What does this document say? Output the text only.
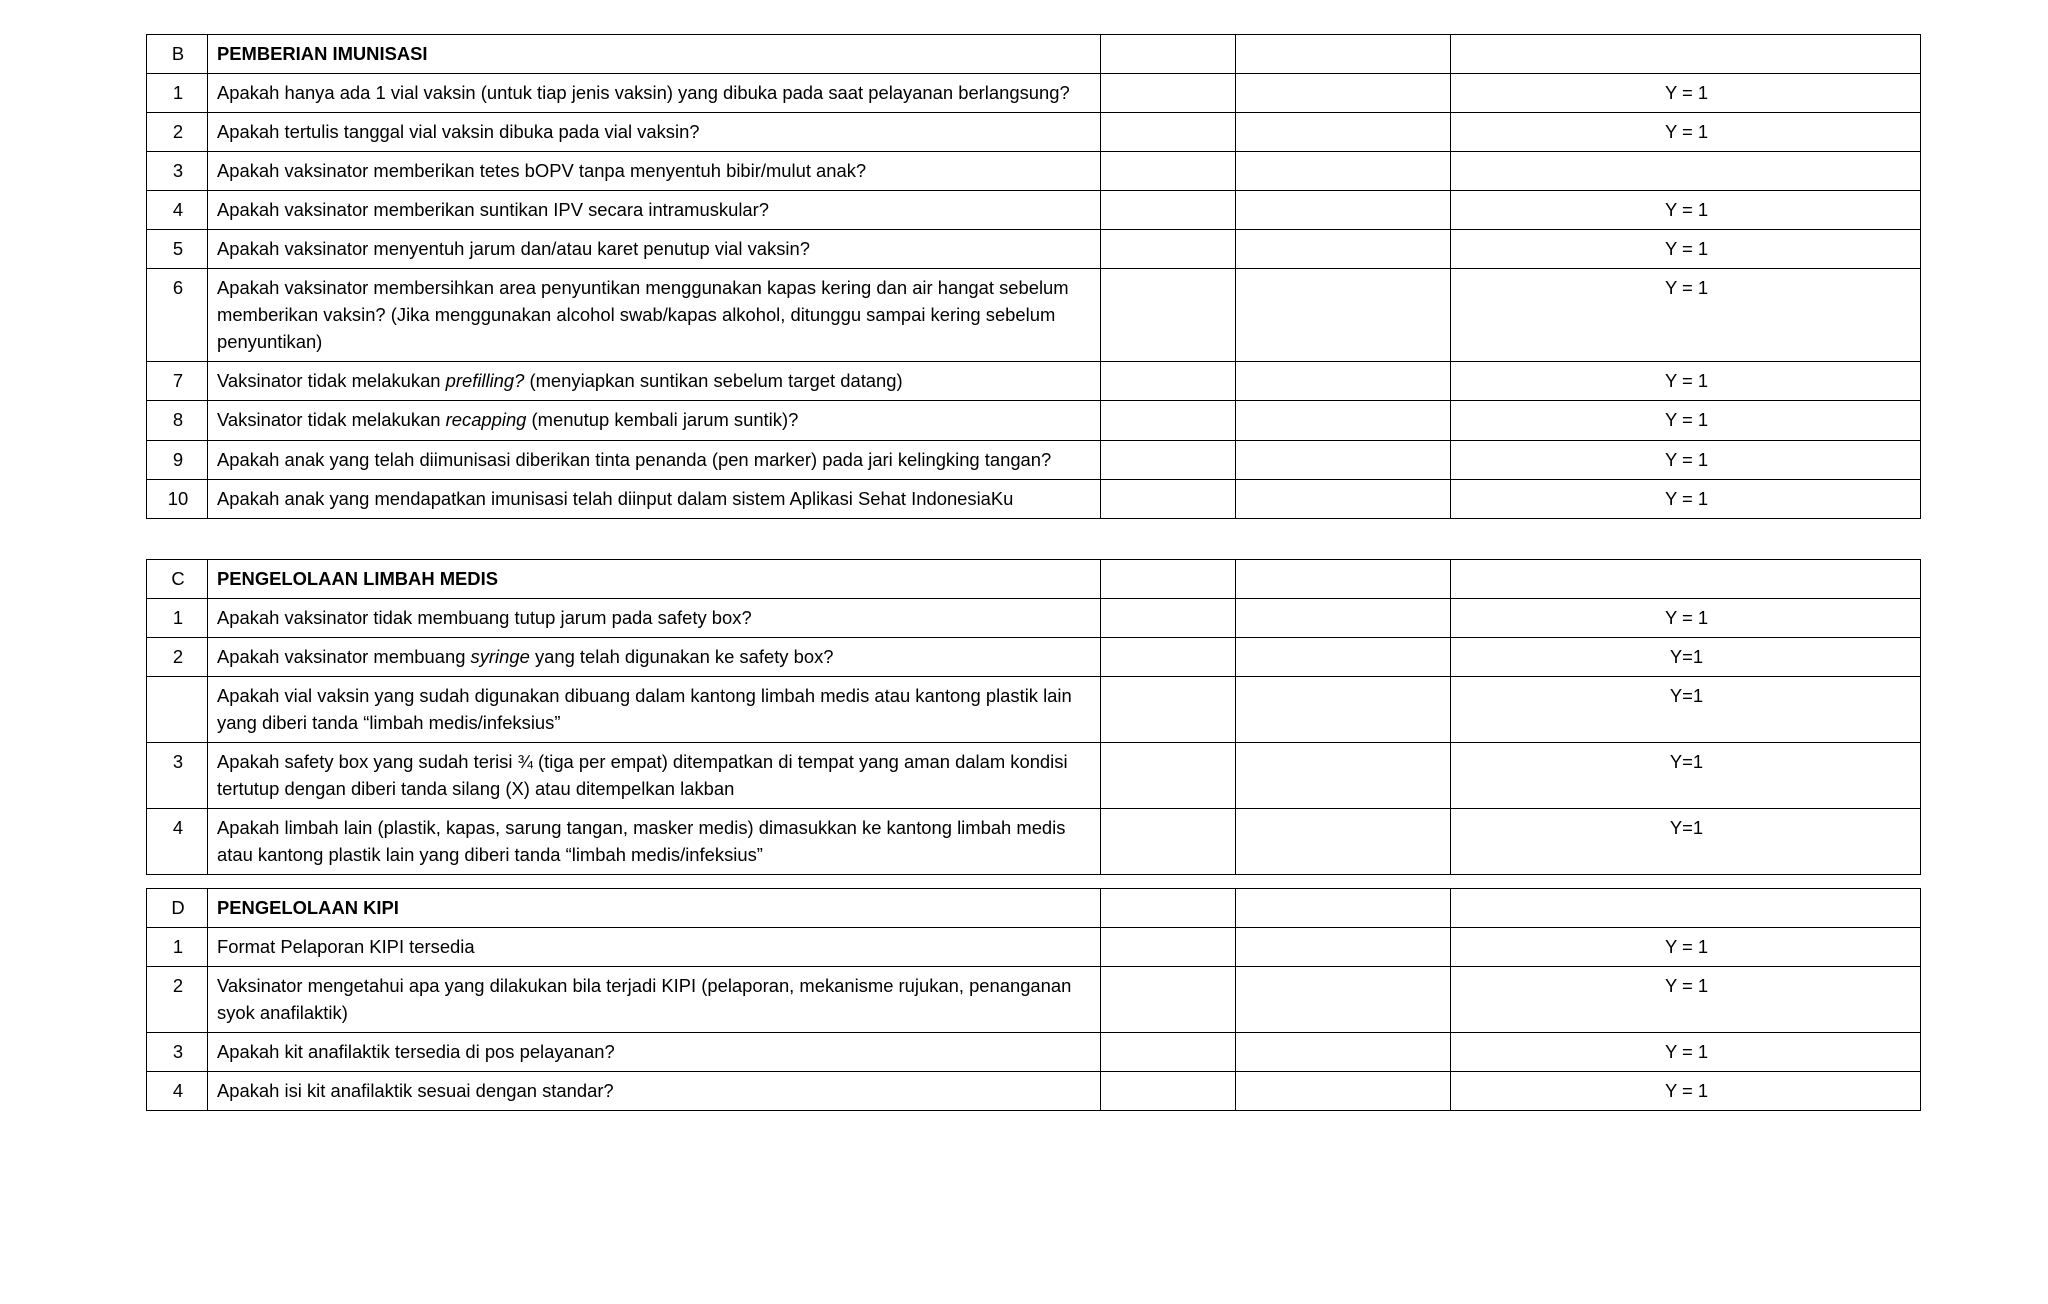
B	PEMBERIAN IMUNISASI			
1	Apakah hanya ada 1 vial vaksin (untuk tiap jenis vaksin) yang dibuka pada saat pelayanan berlangsung?			Y = 1
2	Apakah tertulis tanggal vial vaksin dibuka pada vial vaksin?			Y = 1
3	Apakah vaksinator memberikan tetes bOPV tanpa menyentuh bibir/mulut anak?			
4	Apakah vaksinator memberikan suntikan IPV secara intramuskular?			Y = 1
5	Apakah vaksinator menyentuh jarum dan/atau karet penutup vial vaksin?			Y = 1
6	Apakah vaksinator membersihkan area penyuntikan menggunakan kapas kering dan air hangat sebelum memberikan vaksin? (Jika menggunakan alcohol swab/kapas alkohol, ditunggu sampai kering sebelum penyuntikan)			Y = 1
7	Vaksinator tidak melakukan prefilling? (menyiapkan suntikan sebelum target datang)			Y = 1
8	Vaksinator tidak melakukan recapping (menutup kembali jarum suntik)?			Y = 1
9	Apakah anak yang telah diimunisasi diberikan tinta penanda (pen marker) pada jari kelingking tangan?			Y = 1
10	Apakah anak yang mendapatkan imunisasi telah diinput dalam sistem Aplikasi Sehat IndonesiaKu			Y = 1
C	PENGELOLAAN LIMBAH MEDIS			
1	Apakah vaksinator tidak membuang tutup jarum pada safety box?			Y = 1
2	Apakah vaksinator membuang syringe yang telah digunakan ke safety box?			Y=1
	Apakah vial vaksin yang sudah digunakan dibuang dalam kantong limbah medis atau kantong plastik lain yang diberi tanda “limbah medis/infeksius”			Y=1
3	Apakah safety box yang sudah terisi ¾ (tiga per empat) ditempatkan di tempat yang aman dalam kondisi tertutup dengan diberi tanda silang (X) atau ditempelkan lakban			Y=1
4	Apakah limbah lain (plastik, kapas, sarung tangan, masker medis) dimasukkan ke kantong limbah medis atau kantong plastik lain yang diberi tanda “limbah medis/infeksius”			Y=1
D	PENGELOLAAN KIPI			
1	Format Pelaporan KIPI tersedia			Y = 1
2	Vaksinator mengetahui apa yang dilakukan bila terjadi KIPI (pelaporan, mekanisme rujukan, penanganan syok anafilaktik)			Y = 1
3	Apakah kit anafilaktik tersedia di pos pelayanan?			Y = 1
4	Apakah isi kit anafilaktik sesuai dengan standar?			Y = 1
